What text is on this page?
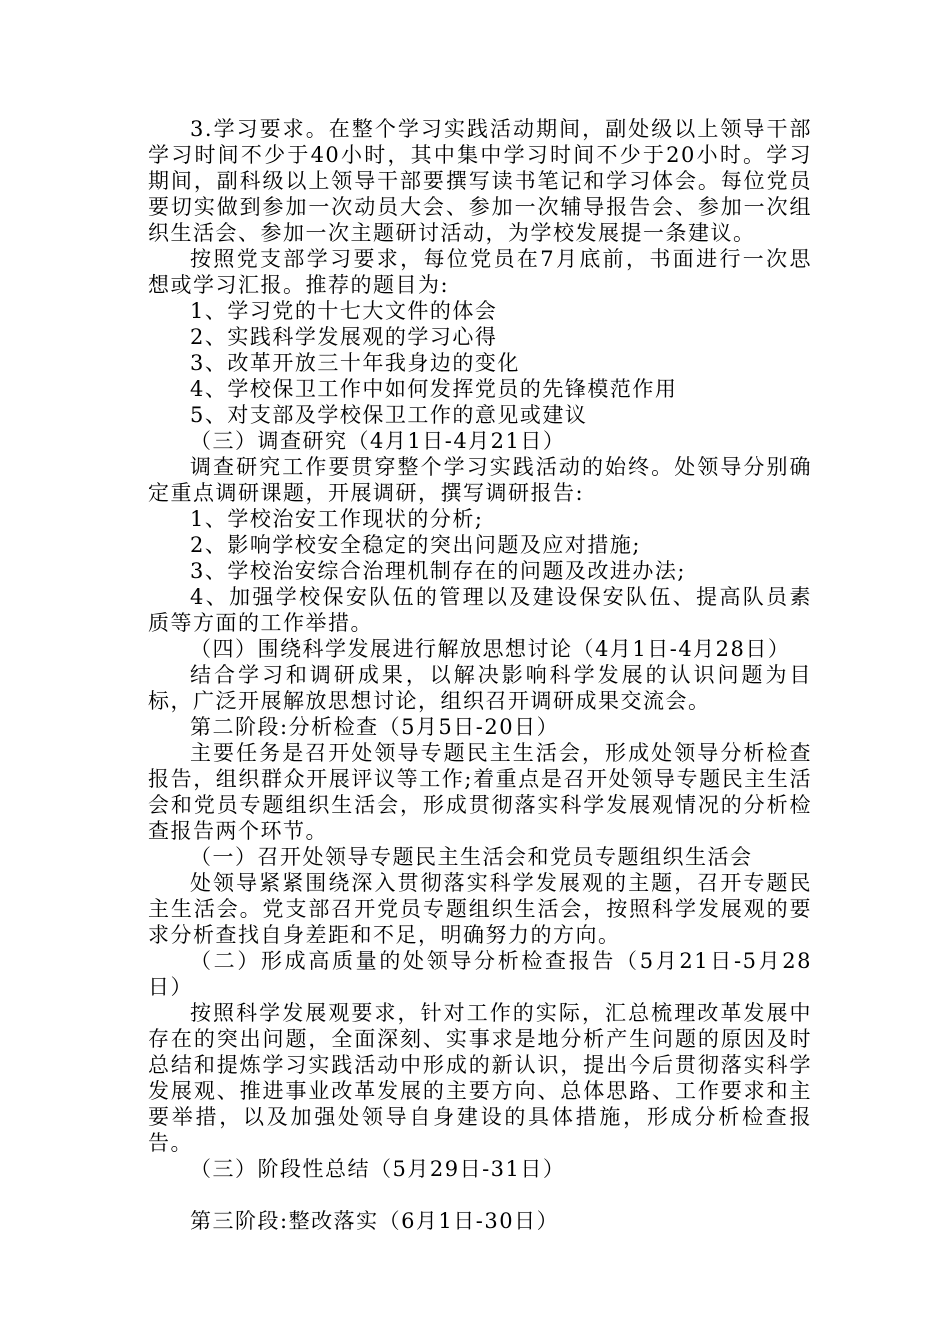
3.学习要求。在整个学习实践活动期间，副处级以上领导干部学习时间不少于40小时，其中集中学习时间不少于20小时。学习期间，副科级以上领导干部要撰写读书笔记和学习体会。每位党员要切实做到参加一次动员大会、参加一次辅导报告会、参加一次组织生活会、参加一次主题研讨活动，为学校发展提一条建议。

按照党支部学习要求，每位党员在7月底前，书面进行一次思想或学习汇报。推荐的题目为:

1、学习党的十七大文件的体会

2、实践科学发展观的学习心得

3、改革开放三十年我身边的变化

4、学校保卫工作中如何发挥党员的先锋模范作用

5、对支部及学校保卫工作的意见或建议

（三）调查研究（4月1日-4月21日）

调查研究工作要贯穿整个学习实践活动的始终。处领导分别确定重点调研课题，开展调研，撰写调研报告:

1、学校治安工作现状的分析;

2、影响学校安全稳定的突出问题及应对措施;

3、学校治安综合治理机制存在的问题及改进办法;

4、加强学校保安队伍的管理以及建设保安队伍、提高队员素质等方面的工作举措。

（四）围绕科学发展进行解放思想讨论（4月1日-4月28日）

结合学习和调研成果，以解决影响科学发展的认识问题为目标，广泛开展解放思想讨论，组织召开调研成果交流会。

第二阶段:分析检查（5月5日-20日）

主要任务是召开处领导专题民主生活会，形成处领导分析检查报告，组织群众开展评议等工作;着重点是召开处领导专题民主生活会和党员专题组织生活会，形成贯彻落实科学发展观情况的分析检查报告两个环节。

（一）召开处领导专题民主生活会和党员专题组织生活会

处领导紧紧围绕深入贯彻落实科学发展观的主题，召开专题民主生活会。党支部召开党员专题组织生活会，按照科学发展观的要求分析查找自身差距和不足，明确努力的方向。

（二）形成高质量的处领导分析检查报告（5月21日-5月28日）

按照科学发展观要求，针对工作的实际，汇总梳理改革发展中存在的突出问题，全面深刻、实事求是地分析产生问题的原因及时总结和提炼学习实践活动中形成的新认识，提出今后贯彻落实科学发展观、推进事业改革发展的主要方向、总体思路、工作要求和主要举措，以及加强处领导自身建设的具体措施，形成分析检查报告。

（三）阶段性总结（5月29日-31日）

第三阶段:整改落实（6月1日-30日）
